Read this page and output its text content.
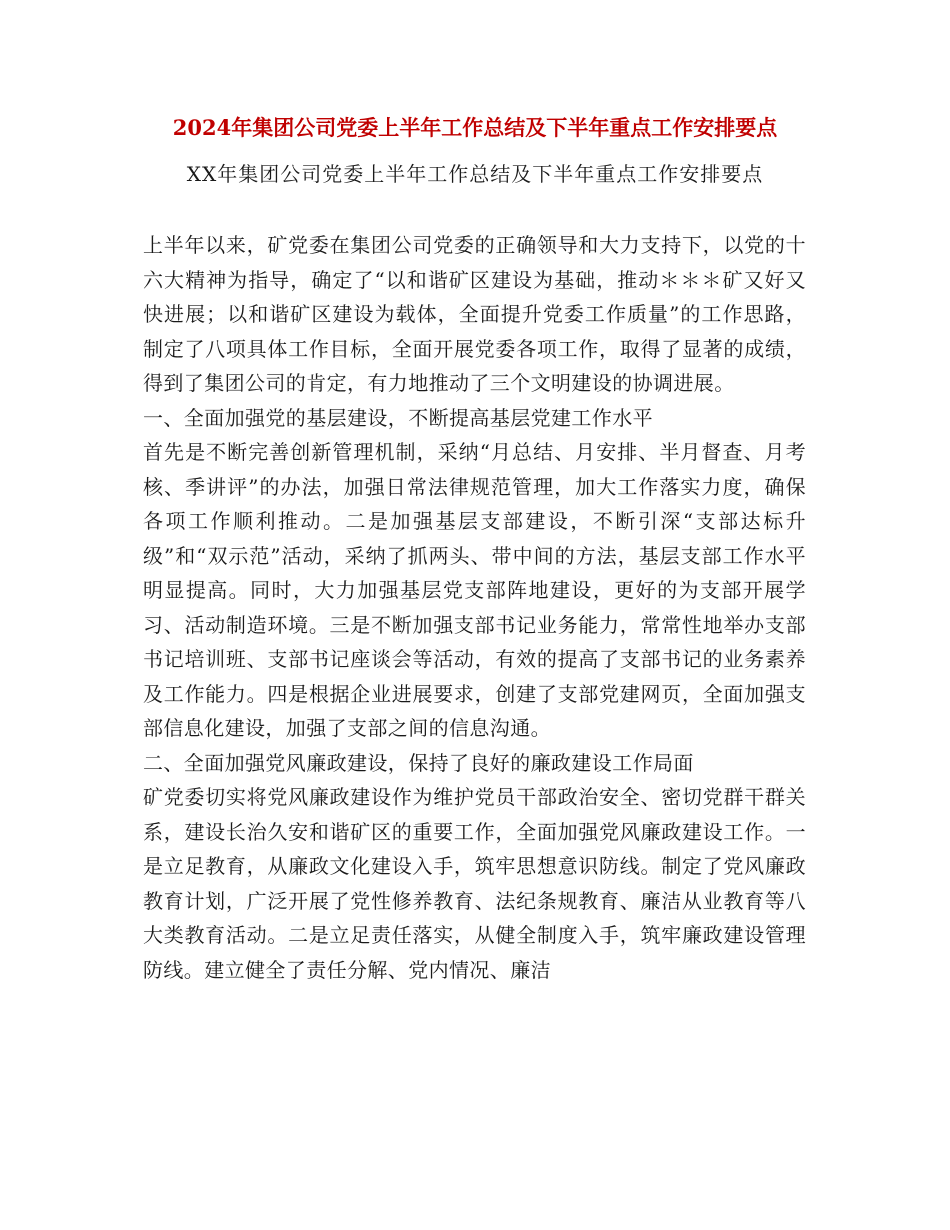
2024年集团公司党委上半年工作总结及下半年重点工作安排要点
XX年集团公司党委上半年工作总结及下半年重点工作安排要点

上半年以来，矿党委在集团公司党委的正确领导和大力支持下，以党的十六大精神为指导，确定了“以和谐矿区建设为基础，推动＊＊＊矿又好又快进展；以和谐矿区建设为载体，全面提升党委工作质量”的工作思路，制定了八项具体工作目标，全面开展党委各项工作，取得了显著的成绩，得到了集团公司的肯定，有力地推动了三个文明建设的协调进展。

一、全面加强党的基层建设，不断提高基层党建工作水平

首先是不断完善创新管理机制，采纳“月总结、月安排、半月督查、月考核、季讲评”的办法，加强日常法律规范管理，加大工作落实力度，确保各项工作顺利推动。二是加强基层支部建设，不断引深“支部达标升级”和“双示范”活动，采纳了抓两头、带中间的方法，基层支部工作水平明显提高。同时，大力加强基层党支部阵地建设，更好的为支部开展学习、活动制造环境。三是不断加强支部书记业务能力，常常性地举办支部书记培训班、支部书记座谈会等活动，有效的提高了支部书记的业务素养及工作能力。四是根据企业进展要求，创建了支部党建网页，全面加强支部信息化建设，加强了支部之间的信息沟通。

二、全面加强党风廉政建设，保持了良好的廉政建设工作局面

矿党委切实将党风廉政建设作为维护党员干部政治安全、密切党群干群关系，建设长治久安和谐矿区的重要工作，全面加强党风廉政建设工作。一是立足教育，从廉政文化建设入手，筑牢思想意识防线。制定了党风廉政教育计划，广泛开展了党性修养教育、法纪条规教育、廉洁从业教育等八大类教育活动。二是立足责任落实，从健全制度入手，筑牢廉政建设管理防线。建立健全了责任分解、党内情况、廉洁
